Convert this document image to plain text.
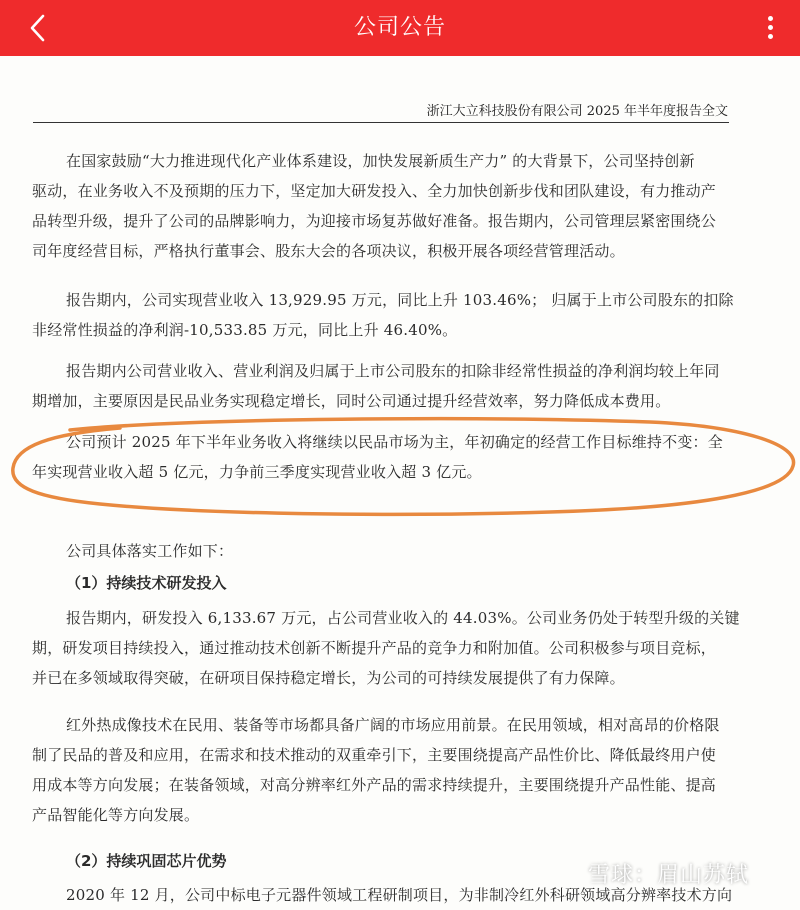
公司公告
浙江大立科技股份有限公司 2025 年半年度报告全文
在国家鼓励“大力推进现代化产业体系建设，加快发展新质生产力” 的大背景下，公司坚持创新
驱动，在业务收入不及预期的压力下，坚定加大研发投入、全力加快创新步伐和团队建设，有力推动产
品转型升级，提升了公司的品牌影响力，为迎接市场复苏做好准备。报告期内，公司管理层紧密围绕公
司年度经营目标，严格执行董事会、股东大会的各项决议，积极开展各项经营管理活动。
报告期内，公司实现营业收入 13,929.95 万元，同比上升 103.46%； 归属于上市公司股东的扣除
非经常性损益的净利润-10,533.85 万元，同比上升 46.40%。
报告期内公司营业收入、营业利润及归属于上市公司股东的扣除非经常性损益的净利润均较上年同
期增加，主要原因是民品业务实现稳定增长，同时公司通过提升经营效率，努力降低成本费用。
公司预计 2025 年下半年业务收入将继续以民品市场为主，年初确定的经营工作目标维持不变：全
年实现营业收入超 5 亿元，力争前三季度实现营业收入超 3 亿元。
公司具体落实工作如下：
（1）持续技术研发投入
报告期内，研发投入 6,133.67 万元，占公司营业收入的 44.03%。公司业务仍处于转型升级的关键
期，研发项目持续投入，通过推动技术创新不断提升产品的竞争力和附加值。公司积极参与项目竞标，
并已在多领域取得突破，在研项目保持稳定增长，为公司的可持续发展提供了有力保障。
红外热成像技术在民用、装备等市场都具备广阔的市场应用前景。在民用领域，相对高昂的价格限
制了民品的普及和应用，在需求和技术推动的双重牵引下，主要围绕提高产品性价比、降低最终用户使
用成本等方向发展；在装备领域，对高分辨率红外产品的需求持续提升，主要围绕提升产品性能、提高
产品智能化等方向发展。
（2）持续巩固芯片优势
2020 年 12 月，公司中标电子元器件领域工程研制项目，为非制冷红外科研领域高分辨率技术方向
雪球：眉山苏轼
